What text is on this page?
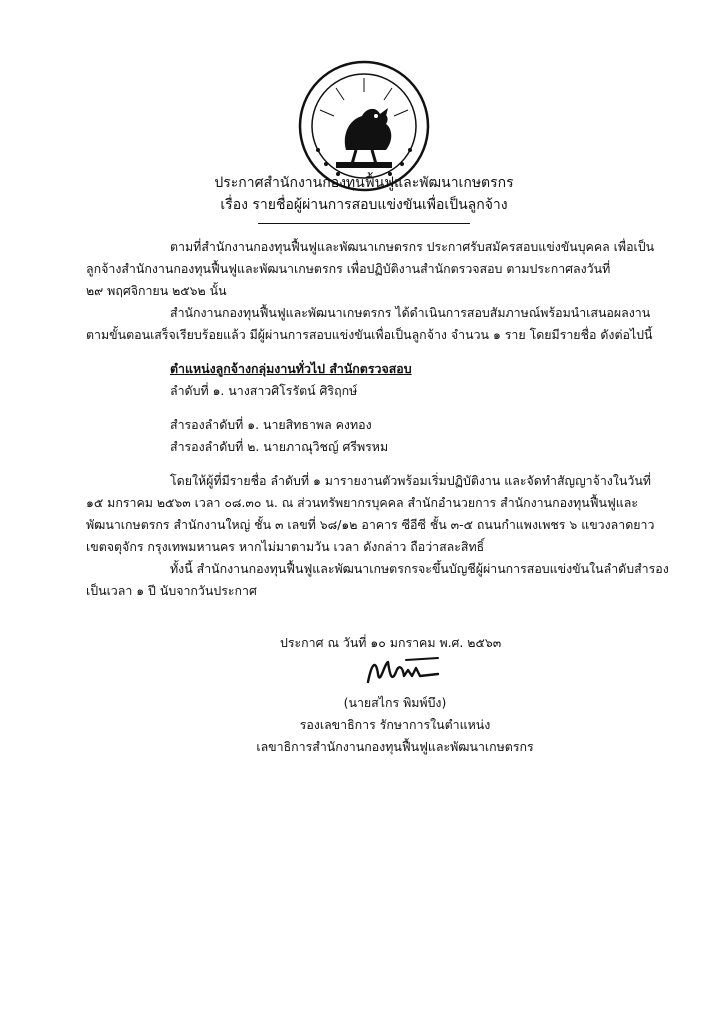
ประกาศสำนักงานกองทุนฟื้นฟูและพัฒนาเกษตรกร
เรื่อง รายชื่อผู้ผ่านการสอบแข่งขันเพื่อเป็นลูกจ้าง
ตามที่สำนักงานกองทุนฟื้นฟูและพัฒนาเกษตรกร ประกาศรับสมัครสอบแข่งขันบุคคล เพื่อเป็น
ลูกจ้างสำนักงานกองทุนฟื้นฟูและพัฒนาเกษตรกร เพื่อปฏิบัติงานสำนักตรวจสอบ ตามประกาศลงวันที่
๒๙ พฤศจิกายน ๒๕๖๒ นั้น
สำนักงานกองทุนฟื้นฟูและพัฒนาเกษตรกร ได้ดำเนินการสอบสัมภาษณ์พร้อมนำเสนอผลงาน
ตามขั้นตอนเสร็จเรียบร้อยแล้ว มีผู้ผ่านการสอบแข่งขันเพื่อเป็นลูกจ้าง จำนวน ๑ ราย โดยมีรายชื่อ ดังต่อไปนี้
ตำแหน่งลูกจ้างกลุ่มงานทั่วไป สำนักตรวจสอบ
ลำดับที่ ๑. นางสาวศิโรรัตน์ ศิริฤกษ์
สำรองลำดับที่ ๑. นายสิทธาพล คงทอง
สำรองลำดับที่ ๒. นายภาณุวิชญ์ ศรีพรหม
โดยให้ผู้ที่มีรายชื่อ ลำดับที่ ๑ มารายงานตัวพร้อมเริ่มปฏิบัติงาน และจัดทำสัญญาจ้างในวันที่
๑๕ มกราคม ๒๕๖๓ เวลา ๐๘.๓๐ น. ณ ส่วนทรัพยากรบุคคล สำนักอำนวยการ สำนักงานกองทุนฟื้นฟูและ
พัฒนาเกษตรกร สำนักงานใหญ่ ชั้น ๓ เลขที่ ๖๘/๑๒ อาคาร ซีอีซี ชั้น ๓-๕ ถนนกำแพงเพชร ๖ แขวงลาดยาว
เขตจตุจักร กรุงเทพมหานคร หากไม่มาตามวัน เวลา ดังกล่าว ถือว่าสละสิทธิ์
ทั้งนี้ สำนักงานกองทุนฟื้นฟูและพัฒนาเกษตรกรจะขึ้นบัญชีผู้ผ่านการสอบแข่งขันในลำดับสำรอง
เป็นเวลา ๑ ปี นับจากวันประกาศ
ประกาศ ณ วันที่ ๑๐ มกราคม พ.ศ. ๒๕๖๓
(นายสไกร พิมพ์บึง)
รองเลขาธิการ รักษาการในตำแหน่ง
เลขาธิการสำนักงานกองทุนฟื้นฟูและพัฒนาเกษตรกร
